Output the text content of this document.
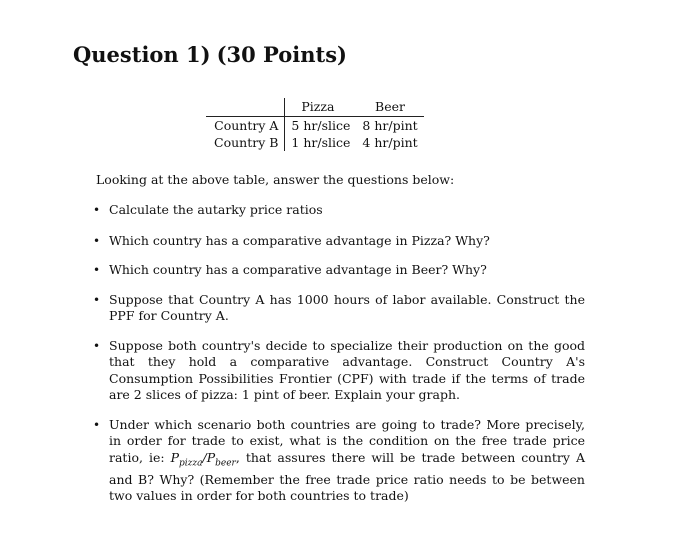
Question 1) (30 Points)
	Pizza	Beer
Country A	5 hr/slice	8 hr/pint
Country B	1 hr/slice	4 hr/pint
Looking at the above table, answer the questions below:
• Calculate the autarky price ratios
• Which country has a comparative advantage in Pizza? Why?
• Which country has a comparative advantage in Beer? Why?
• Suppose that Country A has 1000 hours of labor available. Construct the PPF for Country A.
• Suppose both country's decide to specialize their production on the good that they hold a comparative advantage. Construct Country A's Consumption Possibilities Frontier (CPF) with trade if the terms of trade are 2 slices of pizza: 1 pint of beer. Explain your graph.
• Under which scenario both countries are going to trade? More precisely, in order for trade to exist, what is the condition on the free trade price ratio, ie: $P_{pizza}/P_{beer}$, that assures there will be trade between country A and B? Why? (Remember the free trade price ratio needs to be between two values in order for both countries to trade)
